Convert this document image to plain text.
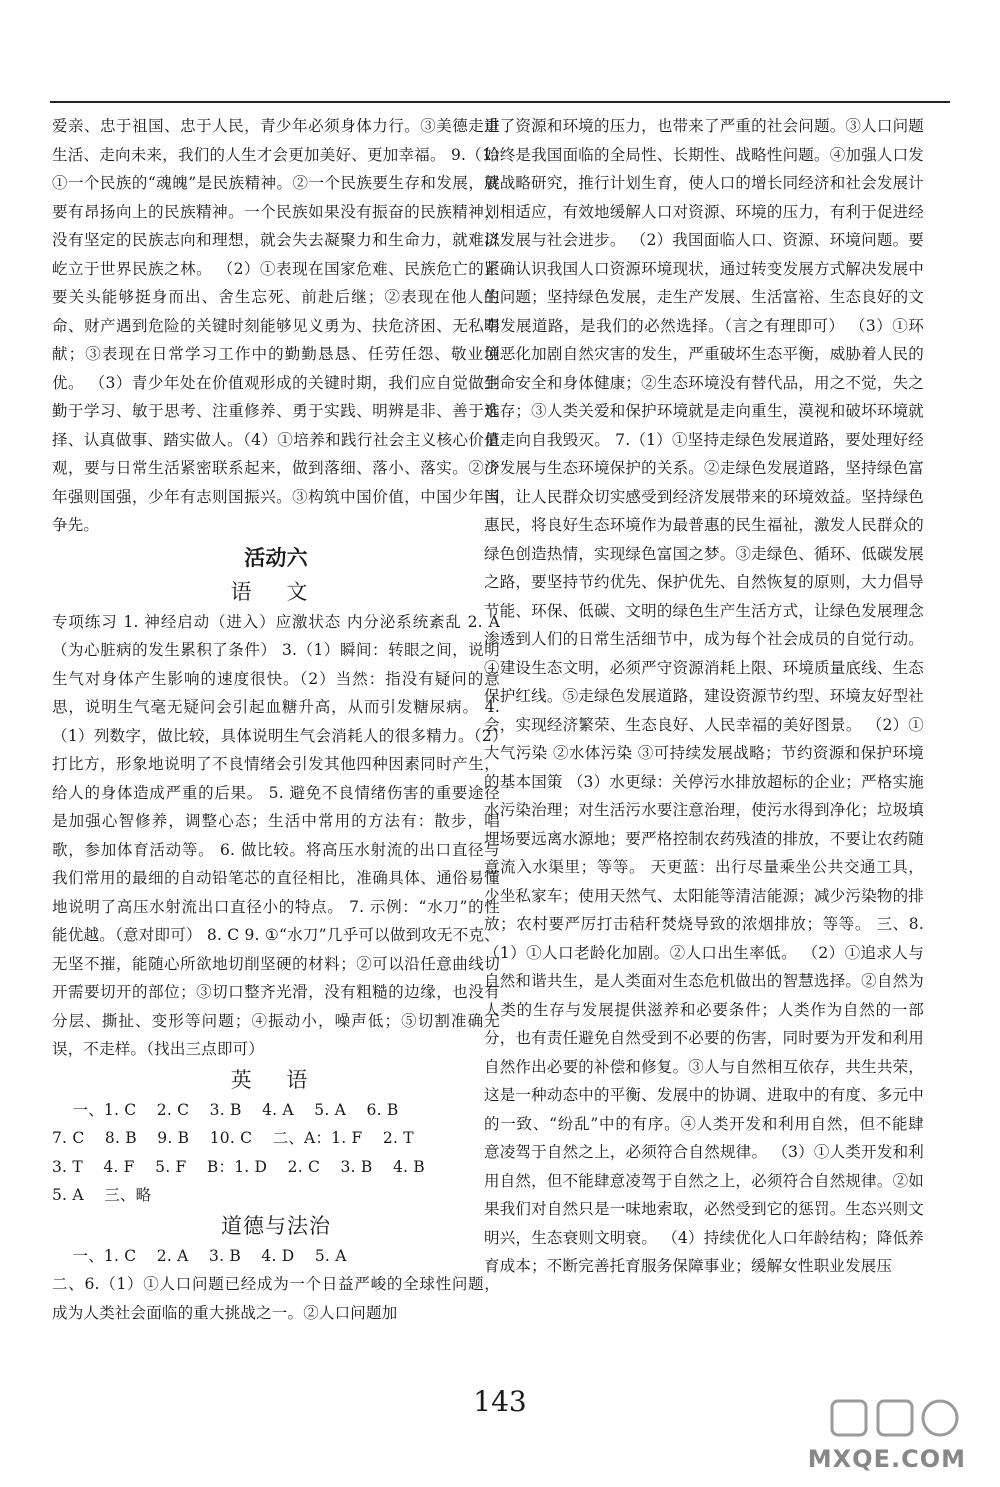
爱亲、忠于祖国、忠于人民，青少年必须身体力行。③美德走进生活、走向未来，我们的人生才会更加美好、更加幸福。 9.（1）①一个民族的“魂魄”是民族精神。②一个民族要生存和发展，就要有昂扬向上的民族精神。一个民族如果没有振奋的民族精神，没有坚定的民族志向和理想，就会失去凝聚力和生命力，就难以屹立于世界民族之林。 （2）①表现在国家危难、民族危亡的紧要关头能够挺身而出、舍生忘死、前赴后继；②表现在他人生命、财产遇到危险的关键时刻能够见义勇为、扶危济困、无私奉献；③表现在日常学习工作中的勤勤恳恳、任劳任怨、敬业创优。 （3）青少年处在价值观形成的关键时期，我们应自觉做到勤于学习、敏于思考、注重修养、勇于实践、明辨是非、善于选择、认真做事、踏实做人。（4）①培养和践行社会主义核心价值观，要与日常生活紧密联系起来，做到落细、落小、落实。②少年强则国强，少年有志则国振兴。③构筑中国价值，中国少年当争先。

活动六
语 文

专项练习 1. 神经启动（进入）应激状态 内分泌系统紊乱 2. A（为心脏病的发生累积了条件） 3.（1）瞬间：转眼之间，说明生气对身体产生影响的速度很快。（2）当然：指没有疑问的意思，说明生气毫无疑问会引起血糖升高，从而引发糖尿病。 4.（1）列数字，做比较，具体说明生气会消耗人的很多精力。（2）打比方，形象地说明了不良情绪会引发其他四种因素同时产生，给人的身体造成严重的后果。 5. 避免不良情绪伤害的重要途径是加强心智修养，调整心态；生活中常用的方法有：散步，唱歌，参加体育活动等。 6. 做比较。将高压水射流的出口直径与我们常用的最细的自动铅笔芯的直径相比，准确具体、通俗易懂地说明了高压水射流出口直径小的特点。 7. 示例：“水刀”的性能优越。（意对即可） 8. C 9. ①“水刀”几乎可以做到攻无不克、无坚不摧，能随心所欲地切削坚硬的材料；②可以沿任意曲线切开需要切开的部位；③切口整齐光滑，没有粗糙的边缘，也没有分层、撕扯、变形等问题；④振动小，噪声低；⑤切割准确无误，不走样。（找出三点即可）

英 语

一、1. C    2. C    3. B    4. A    5. A    6. B

7. C    8. B    9. B    10. C    二、A：1. F    2. T

3. T    4. F    5. F    B：1. D    2. C    3. B    4. B

5. A    三、略

道德与法治

一、1. C    2. A    3. B    4. D    5. A

二、6.（1）①人口问题已经成为一个日益严峻的全球性问题，成为人类社会面临的重大挑战之一。②人口问题加

重了资源和环境的压力，也带来了严重的社会问题。③人口问题始终是我国面临的全局性、长期性、战略性问题。④加强人口发展战略研究，推行计划生育，使人口的增长同经济和社会发展计划相适应，有效地缓解人口对资源、环境的压力，有利于促进经济发展与社会进步。 （2）我国面临人口、资源、环境问题。要正确认识我国人口资源环境现状，通过转变发展方式解决发展中的问题；坚持绿色发展，走生产发展、生活富裕、生态良好的文明发展道路，是我们的必然选择。（言之有理即可） （3）①环境恶化加剧自然灾害的发生，严重破坏生态平衡，威胁着人民的生命安全和身体健康；②生态环境没有替代品，用之不觉，失之难存；③人类关爱和保护环境就是走向重生，漠视和破坏环境就是走向自我毁灭。 7.（1）①坚持走绿色发展道路，要处理好经济发展与生态环境保护的关系。②走绿色发展道路，坚持绿色富国，让人民群众切实感受到经济发展带来的环境效益。坚持绿色惠民，将良好生态环境作为最普惠的民生福祉，激发人民群众的绿色创造热情，实现绿色富国之梦。③走绿色、循环、低碳发展之路，要坚持节约优先、保护优先、自然恢复的原则，大力倡导节能、环保、低碳、文明的绿色生产生活方式，让绿色发展理念渗透到人们的日常生活细节中，成为每个社会成员的自觉行动。④建设生态文明，必须严守资源消耗上限、环境质量底线、生态保护红线。⑤走绿色发展道路，建设资源节约型、环境友好型社会，实现经济繁荣、生态良好、人民幸福的美好图景。 （2）①大气污染 ②水体污染 ③可持续发展战略；节约资源和保护环境的基本国策 （3）水更绿：关停污水排放超标的企业；严格实施水污染治理；对生活污水要注意治理，使污水得到净化；垃圾填埋场要远离水源地；要严格控制农药残渣的排放，不要让农药随意流入水渠里；等等。 天更蓝：出行尽量乘坐公共交通工具，少坐私家车；使用天然气、太阳能等清洁能源；减少污染物的排放；农村要严厉打击秸秆焚烧导致的浓烟排放；等等。 三、8.（1）①人口老龄化加剧。②人口出生率低。 （2）①追求人与自然和谐共生，是人类面对生态危机做出的智慧选择。②自然为人类的生存与发展提供滋养和必要条件；人类作为自然的一部分，也有责任避免自然受到不必要的伤害，同时要为开发和利用自然作出必要的补偿和修复。③人与自然相互依存，共生共荣，这是一种动态中的平衡、发展中的协调、进取中的有度、多元中的一致、“纷乱”中的有序。④人类开发和利用自然，但不能肆意凌驾于自然之上，必须符合自然规律。 （3）①人类开发和利用自然，但不能肆意凌驾于自然之上，必须符合自然规律。②如果我们对自然只是一味地索取，必然受到它的惩罚。生态兴则文明兴，生态衰则文明衰。 （4）持续优化人口年龄结构；降低养育成本；不断完善托育服务保障事业；缓解女性职业发展压

143
MXQE.COM
